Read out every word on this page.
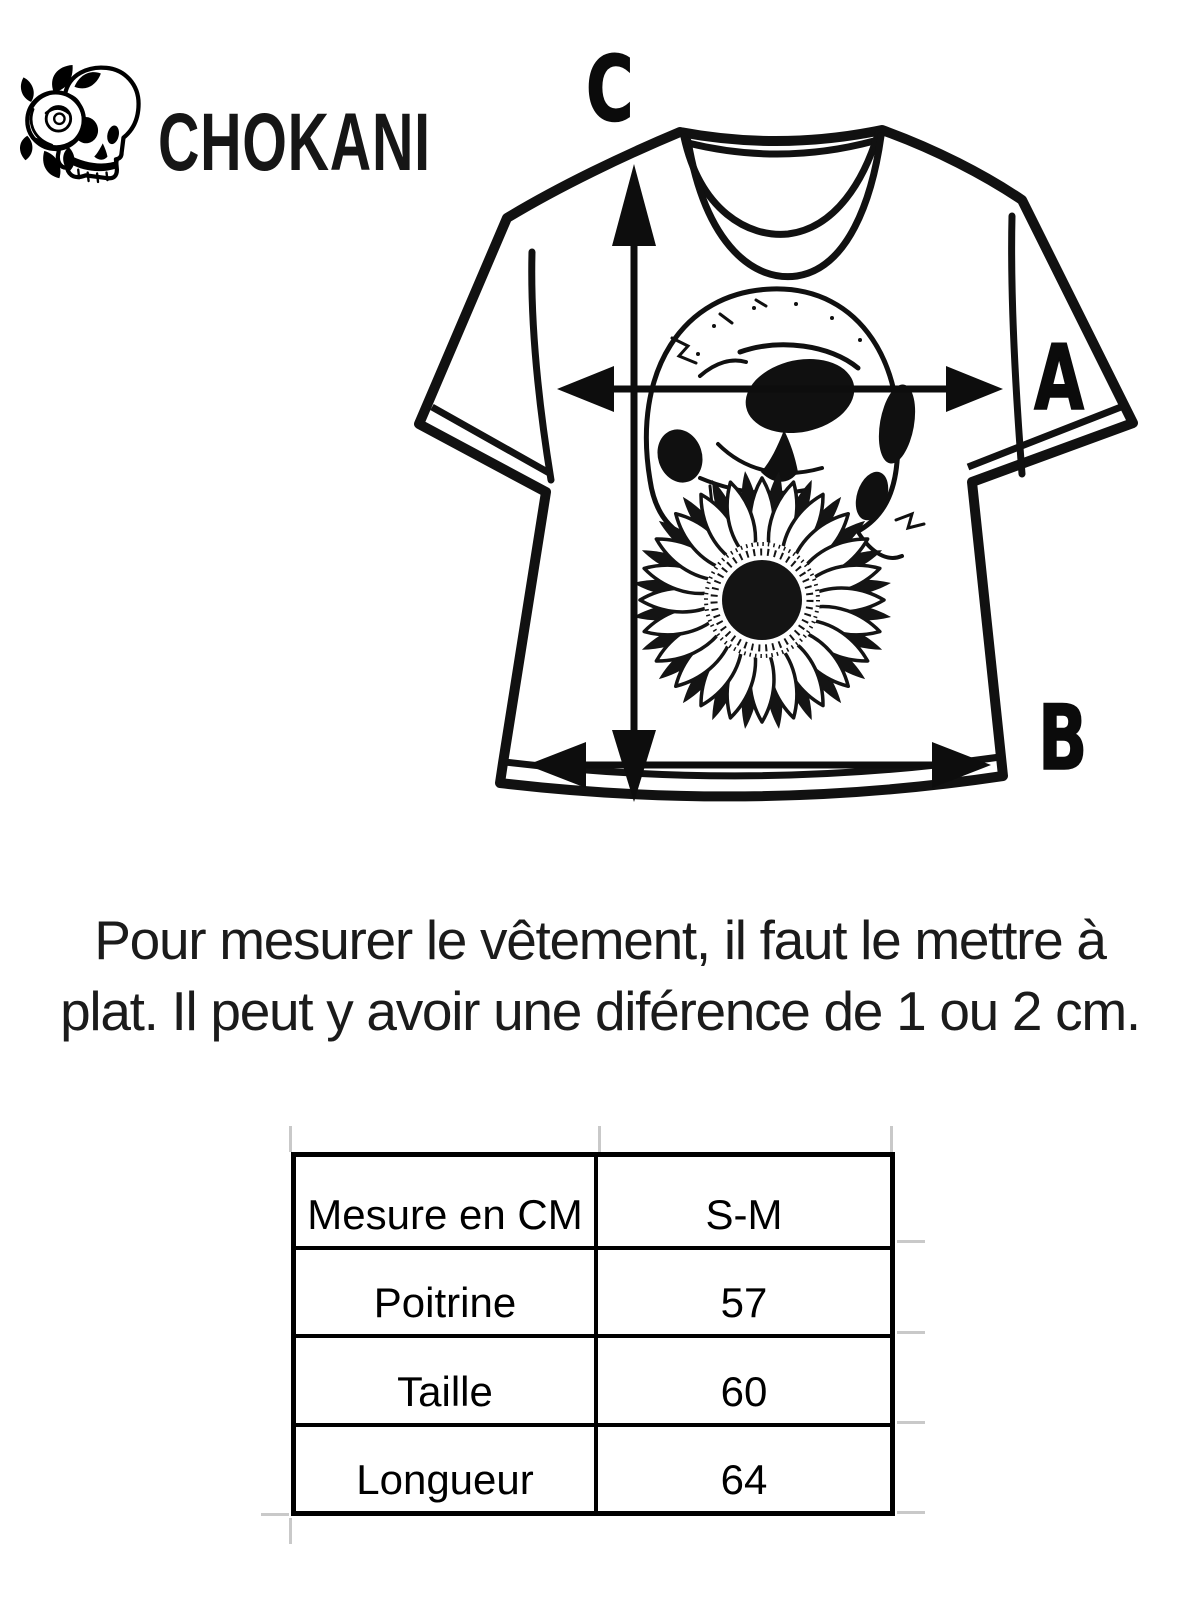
CHOKANI
C
A
B
Pour mesurer le vêtement, il faut le mettre à
plat. Il peut y avoir une diférence de 1 ou 2 cm.
Mesure en CM	S-M
Poitrine	57
Taille	60
Longueur	64
